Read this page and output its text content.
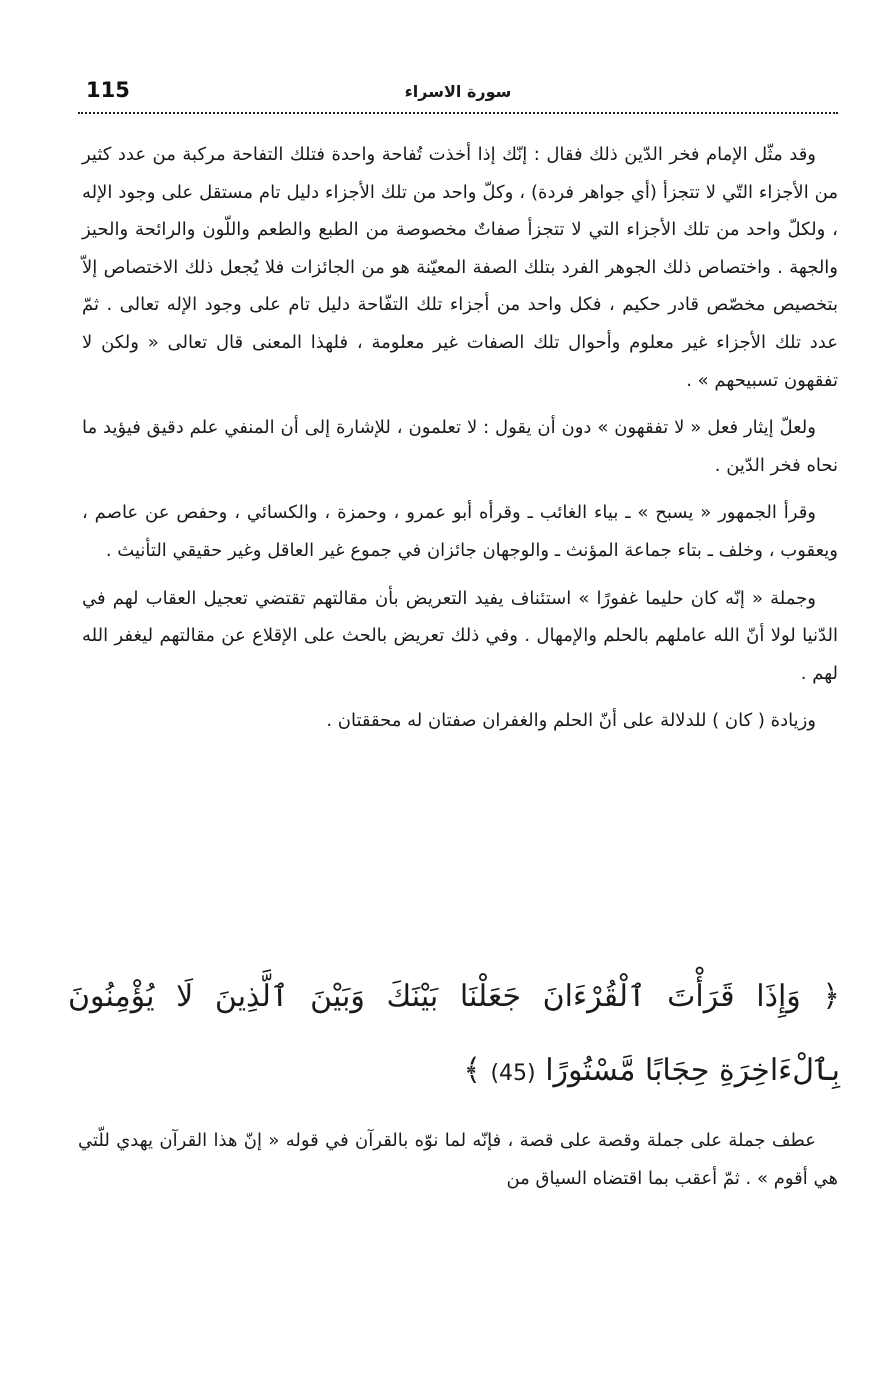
115	سورة الاسراء

وقد مثّل الإمام فخر الدّين ذلك فقال : إنّك إذا أخذت تُفاحة واحدة فتلك التفاحة مركبة من عدد كثير من الأجزاء التّي لا تتجزأ (أي جواهر فردة) ، وكلّ واحد من تلك الأجزاء دليل تام مستقل على وجود الإله ، ولكلّ واحد من تلك الأجزاء التي لا تتجزأ صفاتٌ مخصوصة من الطبع والطعم واللّون والرائحة والحيز والجهة . واختصاص ذلك الجوهر الفرد بتلك الصفة المعيّنة هو من الجائزات فلا يُجعل ذلك الاختصاص إلاّ بتخصيص مخصّص قادر حكيم ، فكل واحد من أجزاء تلك التفّاحة دليل تام على وجود الإله تعالى . ثمّ عدد تلك الأجزاء غير معلوم وأحوال تلك الصفات غير معلومة ، فلهذا المعنى قال تعالى « ولكن لا تفقهون تسبيحهم » .

ولعلّ إيثار فعل « لا تفقهون » دون أن يقول : لا تعلمون ، للإشارة إلى أن المنفي علم دقيق فيؤيد ما نحاه فخر الدّين .

وقرأ الجمهور « يسبح » ـ بياء الغائب ـ وقرأه أبو عمرو ، وحمزة ، والكسائي ، وحفص عن عاصم ، ويعقوب ، وخلف ـ بتاء جماعة المؤنث ـ والوجهان جائزان في جموع غير العاقل وغير حقيقي التأنيث .

وجملة « إنّه كان حليما غفورًا » استئناف يفيد التعريض بأن مقالتهم تقتضي تعجيل العقاب لهم في الدّنيا لولا أنّ الله عاملهم بالحلم والإمهال . وفي ذلك تعريض بالحث على الإقلاع عن مقالتهم ليغفر الله لهم .

وزيادة ( كان ) للدلالة على أنّ الحلم والغفران صفتان له محققتان .

﴿ وَإِذَا قَرَأْتَ ٱلْقُرْءَانَ جَعَلْنَا بَيْنَكَ وَبَيْنَ ٱلَّذِينَ لَا يُؤْمِنُونَ بِٱلْءَاخِرَةِ حِجَابًا مَّسْتُورًا (45) ﴾

عطف جملة على جملة وقصة على قصة ، فإنّه لما نوّه بالقرآن في قوله « إنّ هذا القرآن يهدي للّتي هي أقوم » . ثمّ أعقب بما اقتضاه السياق من
